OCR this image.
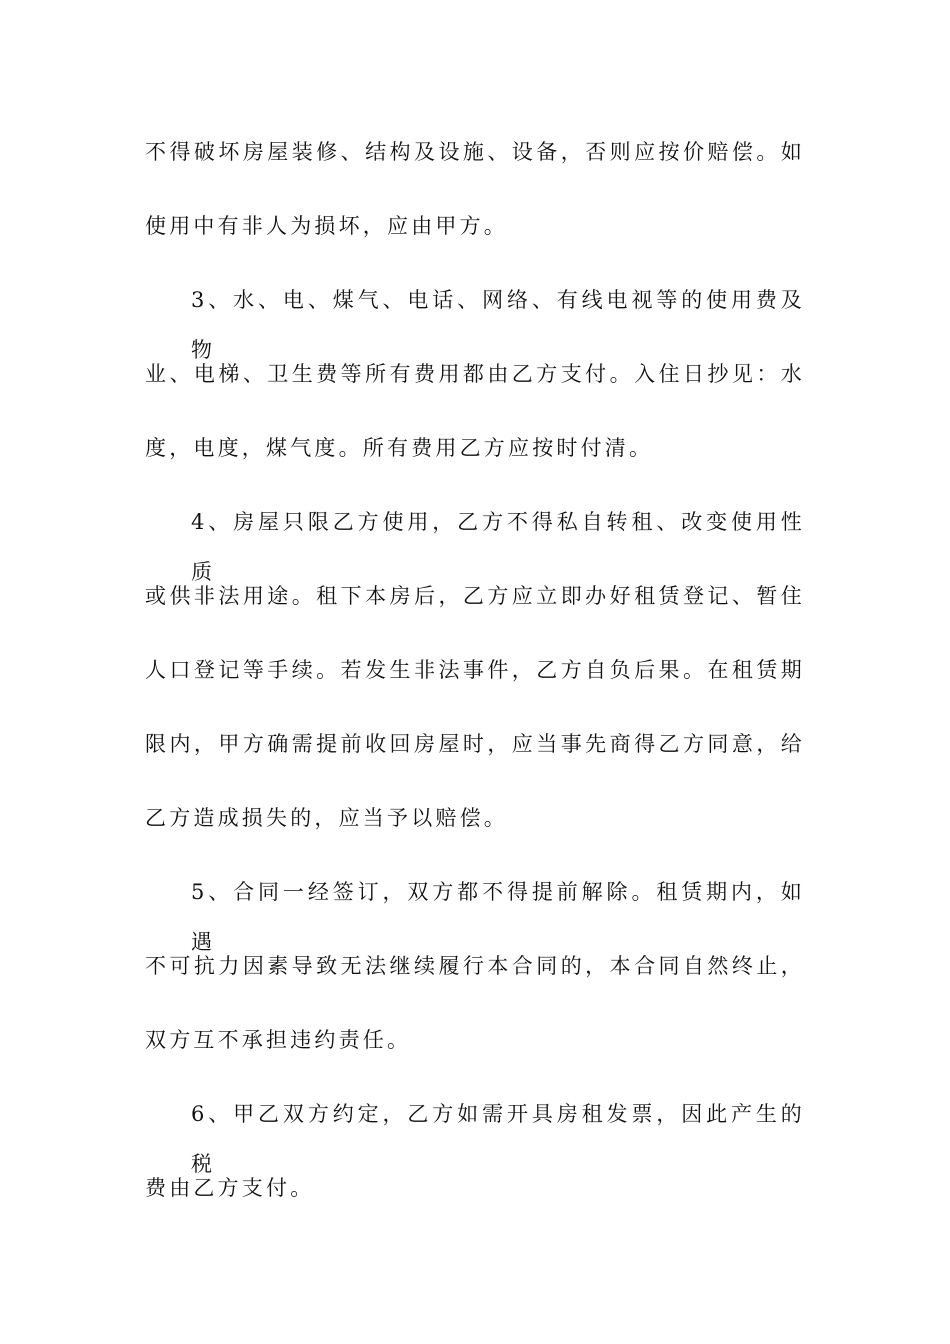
不得破坏房屋装修、结构及设施、设备，否则应按价赔偿。如
使用中有非人为损坏，应由甲方。
3、水、电、煤气、电话、网络、有线电视等的使用费及物
业、电梯、卫生费等所有费用都由乙方支付。入住日抄见：水
度，电度，煤气度。所有费用乙方应按时付清。
4、房屋只限乙方使用，乙方不得私自转租、改变使用性质
或供非法用途。租下本房后，乙方应立即办好租赁登记、暂住
人口登记等手续。若发生非法事件，乙方自负后果。在租赁期
限内，甲方确需提前收回房屋时，应当事先商得乙方同意，给
乙方造成损失的，应当予以赔偿。
5、合同一经签订，双方都不得提前解除。租赁期内，如遇
不可抗力因素导致无法继续履行本合同的，本合同自然终止，
双方互不承担违约责任。
6、甲乙双方约定，乙方如需开具房租发票，因此产生的税
费由乙方支付。
